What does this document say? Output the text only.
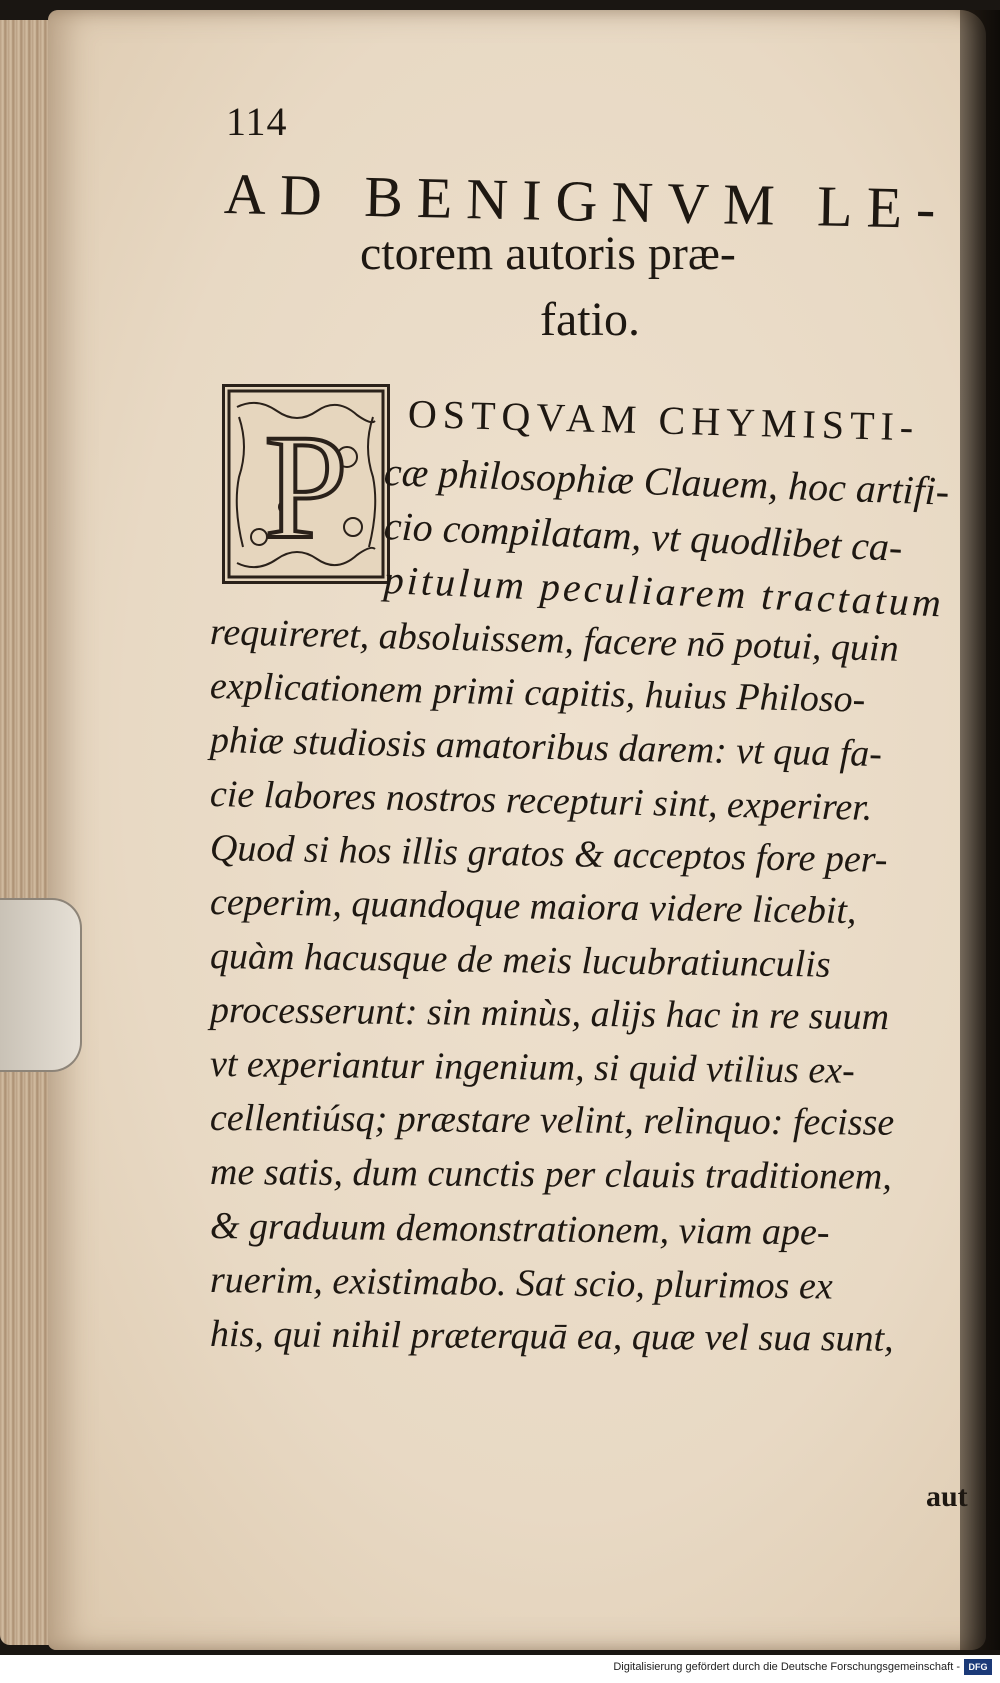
114
AD BENIGNVM LE-
ctorem autoris præ-
fatio.
P OSTQVAM CHYMISTI-
cæ philosophiæ Clauem, hoc artifi-
cio compilatam, vt quodlibet ca-
pitulum peculiarem tractatum
requireret, absoluissem, facere nō potui, quin
explicationem primi capitis, huius Philoso-
phiæ studiosis amatoribus darem: vt qua fa-
cie labores nostros recepturi sint, experirer.
Quod si hos illis gratos & acceptos fore per-
ceperim, quandoque maiora videre licebit,
quàm hacusque de meis lucubratiunculis
processerunt: sin minùs, alijs hac in re suum
vt experiantur ingenium, si quid vtilius ex-
cellentiúsq; præstare velint, relinquo: fecisse
me satis, dum cunctis per clauis traditionem,
& graduum demonstrationem, viam ape-
ruerim, existimabo. Sat scio, plurimos ex
his, qui nihil præterquā ea, quæ vel sua sunt,
aut
Digitalisierung gefördert durch die Deutsche Forschungsgemeinschaft - DFG
